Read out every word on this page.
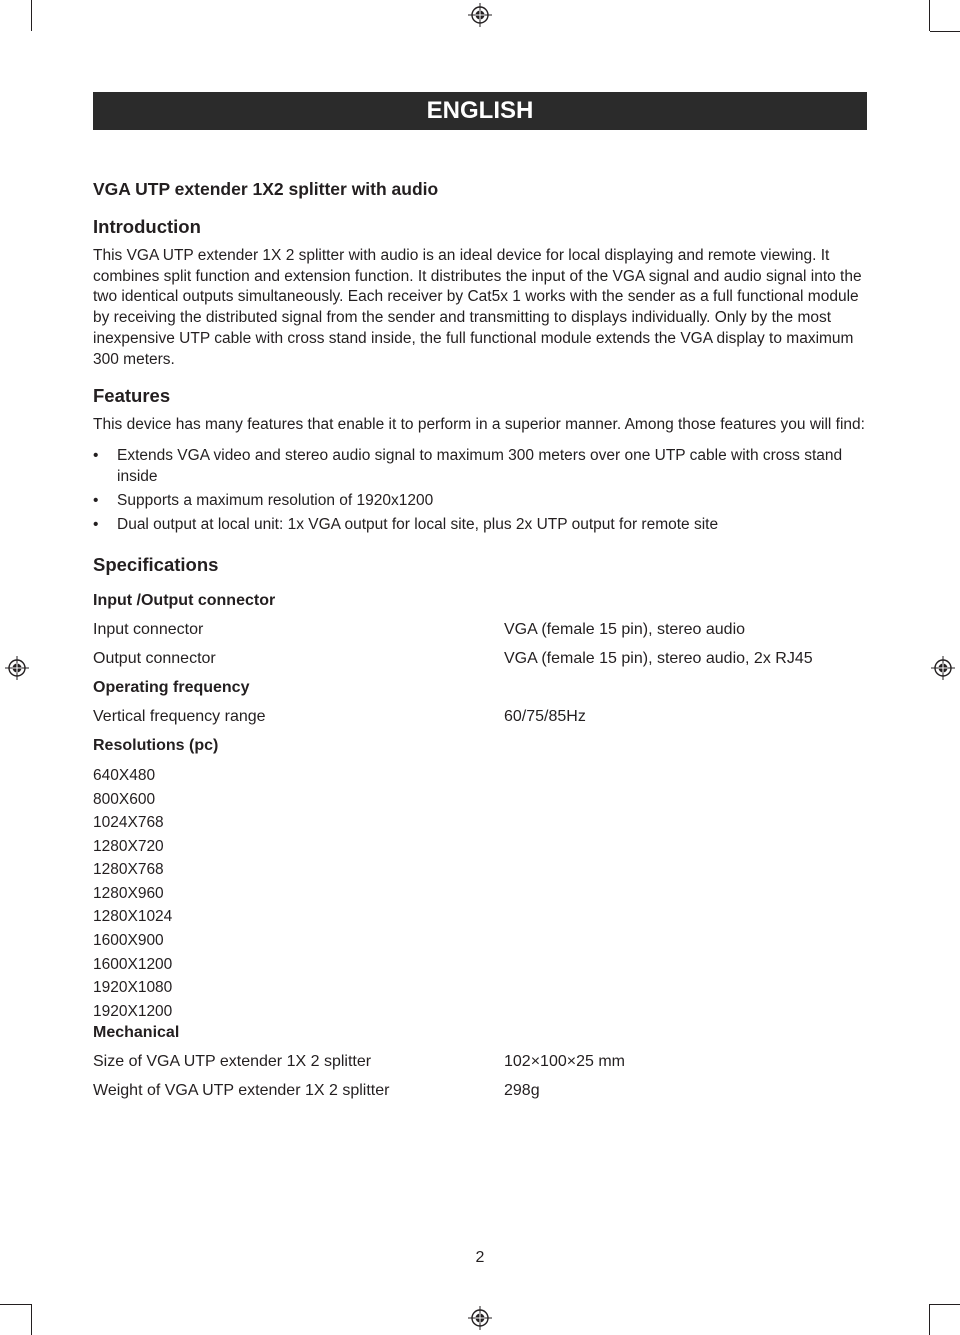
ENGLISH
VGA UTP extender 1X2 splitter with audio
Introduction

This VGA UTP extender 1X 2 splitter with audio is an ideal device for local displaying and remote viewing. It combines split function and extension function. It distributes the input of the VGA signal and audio signal into the two identical outputs simultaneously. Each receiver by Cat5x 1 works with the sender as a full functional module by receiving the distributed signal from the sender and transmitting to displays individually. Only by the most inexpensive UTP cable with cross stand inside, the full functional module extends the VGA display to maximum 300 meters.

Features

This device has many features that enable it to perform in a superior manner. Among those features you will find:

• Extends VGA video and stereo audio signal to maximum 300 meters over one UTP cable with cross stand inside
• Supports a maximum resolution of 1920x1200
• Dual output at local unit: 1x VGA output for local site, plus 2x UTP output for remote site
Specifications
Input /Output connector
Input connector	VGA (female 15 pin), stereo audio
Output connector	VGA (female 15 pin), stereo audio, 2x RJ45
Operating frequency
Vertical frequency range	60/75/85Hz
Resolutions (pc)
640X480
800X600
1024X768
1280X720
1280X768
1280X960
1280X1024
1600X900
1600X1200
1920X1080
1920X1200
Mechanical
Size of VGA UTP extender 1X 2 splitter	102×100×25 mm
Weight of VGA UTP extender 1X 2 splitter	298g
2
